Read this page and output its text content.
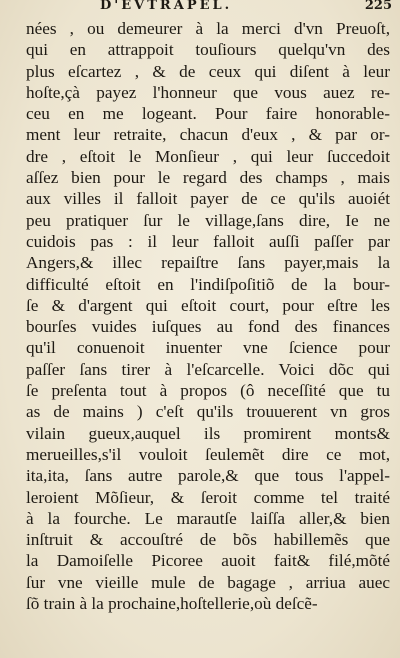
D'EVTRAPEL.	225
nées , ou demeurer à la merci d'vn Preuoſt,
qui en attrappoit touſiours quelqu'vn des
plus eſcartez , & de ceux qui diſent à leur
hoſte,çà payez l'honneur que vous auez re-
ceu en me logeant. Pour faire honorable-
ment leur retraite, chacun d'eux , & par or-
dre , eſtoit le Monſieur , qui leur ſuccedoit
aſſez bien pour le regard des champs , mais
aux villes il falloit payer de ce qu'ils auoiét
peu pratiquer ſur le village,ſans dire, Ie ne
cuidois pas : il leur falloit auſſi paſſer par
Angers,& illec repaiſtre ſans payer,mais la
difficulté eſtoit en l'indiſpoſitiõ de la bour-
ſe & d'argent qui eſtoit court, pour eſtre les
bourſes vuides iuſques au fond des finances
qu'il conuenoit inuenter vne ſcience pour
paſſer ſans tirer à l'eſcarcelle. Voici dõc qui
ſe preſenta tout à propos (ô neceſſité que tu
as de mains ) c'eſt qu'ils trouuerent vn gros
vilain gueux,auquel ils promirent monts&
merueilles,s'il vouloit ſeulemẽt dire ce mot,
ita,ita, ſans autre parole,& que tous l'appel-
leroient Mõſieur, & ſeroit comme tel traité
à la fourche. Le marautſe laiſſa aller,& bien
inſtruit & accouſtré de bõs habillemẽs que
la Damoiſelle Picoree auoit fait& filé,mõté
ſur vne vieille mule de bagage , arriua auec
ſõ train à la prochaine,hoſtellerie,où deſcẽ-
